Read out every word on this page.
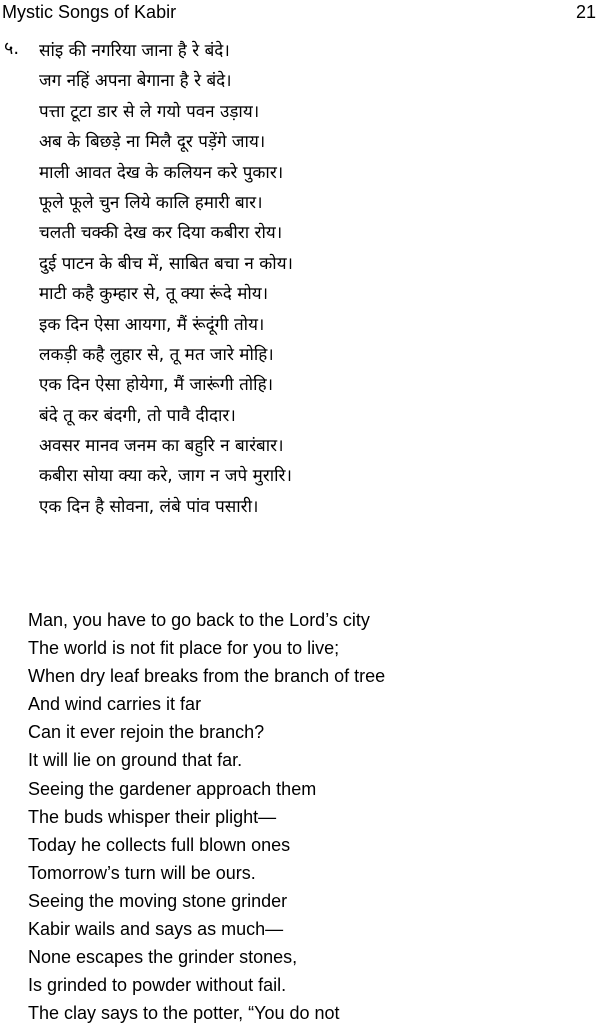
Mystic Songs of Kabir	21
५. सांइ की नगरिया जाना है रे बंदे।
जग नहिं अपना बेगाना है रे बंदे।
पत्ता टूटा डार से ले गयो पवन उड़ाय।
अब के बिछड़े ना मिलै दूर पड़ेंगे जाय।
माली आवत देख के कलियन करे पुकार।
फूले फूले चुन लिये कालि हमारी बार।
चलती चक्की देख कर दिया कबीरा रोय।
दुई पाटन के बीच में, साबित बचा न कोय।
माटी कहै कुम्हार से, तू क्या रूंदे मोय।
इक दिन ऐसा आयगा, मैं रूंदूंगी तोय।
लकड़ी कहै लुहार से, तू मत जारे मोहि।
एक दिन ऐसा होयेगा, मैं जारूंगी तोहि।
बंदे तू कर बंदगी, तो पावै दीदार।
अवसर मानव जनम का बहुरि न बारंबार।
कबीरा सोया क्या करे, जाग न जपे मुरारि।
एक दिन है सोवना, लंबे पांव पसारी।
Man, you have to go back to the Lord’s city
The world is not fit place for you to live;
When dry leaf breaks from the branch of tree
And wind carries it far
Can it ever rejoin the branch?
It will lie on ground that far.
Seeing the gardener approach them
The buds whisper their plight—
Today he collects full blown ones
Tomorrow’s turn will be ours.
Seeing the moving stone grinder
Kabir wails and says as much—
None escapes the grinder stones,
Is grinded to powder without fail.
The clay says to the potter, “You do not
